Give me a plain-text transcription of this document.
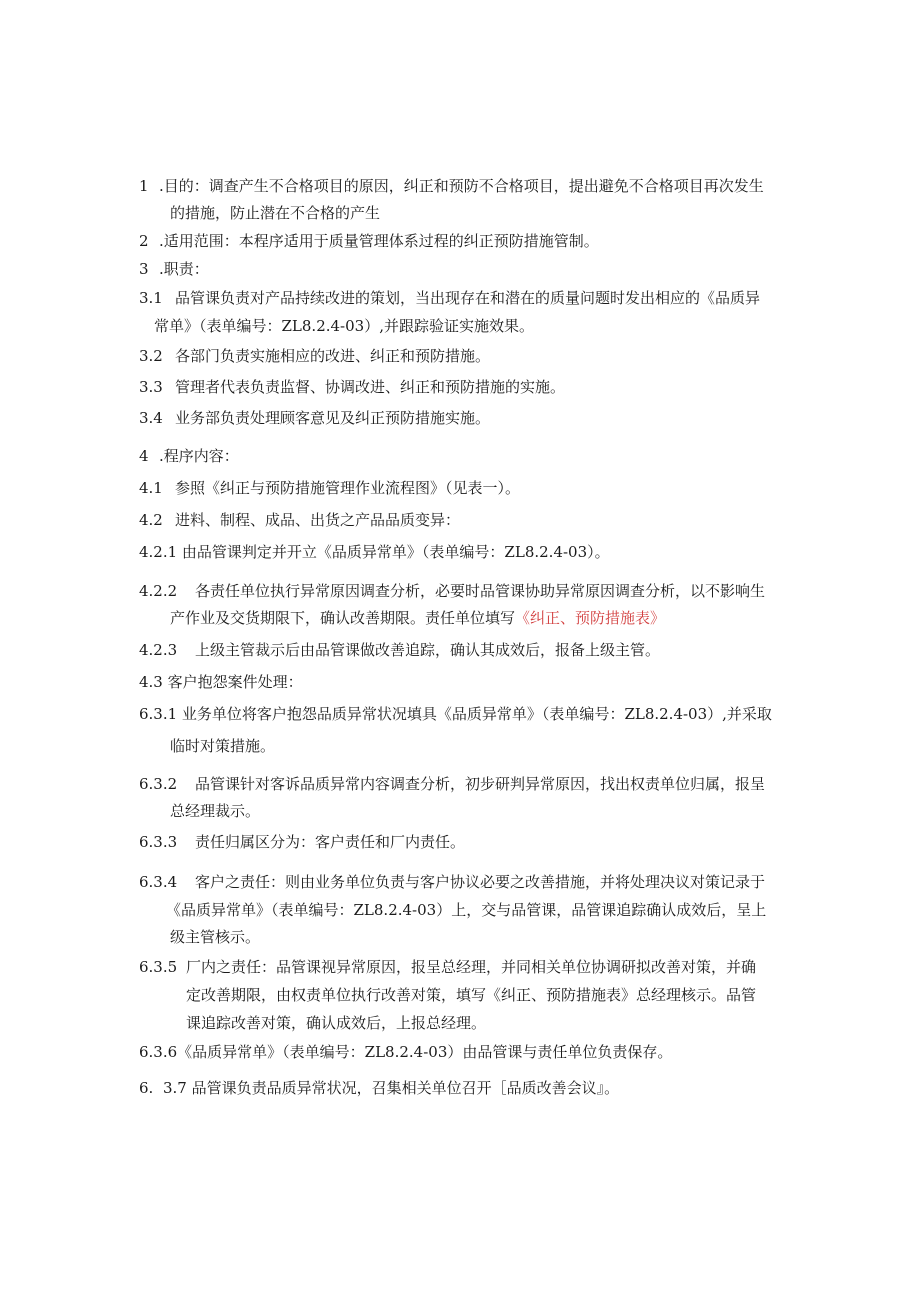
1 .目的：调查产生不合格项目的原因，纠正和预防不合格项目，提出避免不合格项目再次发生
的措施，防止潜在不合格的产生
2 .适用范围：本程序适用于质量管理体系过程的纠正预防措施管制。
3 .职责：
3.1 品管课负责对产品持续改进的策划，当出现存在和潜在的质量问题时发出相应的《品质异
常单》（表单编号：ZL8.2.4-03）,并跟踪验证实施效果。
3.2 各部门负责实施相应的改进、纠正和预防措施。
3.3 管理者代表负责监督、协调改进、纠正和预防措施的实施。
3.4 业务部负责处理顾客意见及纠正预防措施实施。
4 .程序内容：
4.1 参照《纠正与预防措施管理作业流程图》（见表一）。
4.2 进料、制程、成品、出货之产品品质变异：
4.2.1 由品管课判定并开立《品质异常单》（表单编号：ZL8.2.4-03）。
4.2.2 各责任单位执行异常原因调查分析，必要时品管课协助异常原因调查分析，以不影响生
产作业及交货期限下，确认改善期限。责任单位填写《纠正、预防措施表》
4.2.3 上级主管裁示后由品管课做改善追踪，确认其成效后，报备上级主管。
4.3 客户抱怨案件处理：
6.3.1 业务单位将客户抱怨品质异常状况填具《品质异常单》（表单编号：ZL8.2.4-03）,并采取
临时对策措施。
6.3.2 品管课针对客诉品质异常内容调查分析，初步研判异常原因，找出权责单位归属，报呈
总经理裁示。
6.3.3 责任归属区分为：客户责任和厂内责任。
6.3.4 客户之责任：则由业务单位负责与客户协议必要之改善措施，并将处理决议对策记录于
《品质异常单》（表单编号：ZL8.2.4-03）上，交与品管课，品管课追踪确认成效后，呈上
级主管核示。
6.3.5 厂内之责任：品管课视异常原因，报呈总经理，并同相关单位协调研拟改善对策，并确
定改善期限，由权责单位执行改善对策，填写《纠正、预防措施表》总经理核示。品管
课追踪改善对策，确认成效后，上报总经理。
6.3.6《品质异常单》（表单编号：ZL8.2.4-03）由品管课与责任单位负责保存。
6. 3.7 品管课负责品质异常状况，召集相关单位召开［品质改善会议』。
